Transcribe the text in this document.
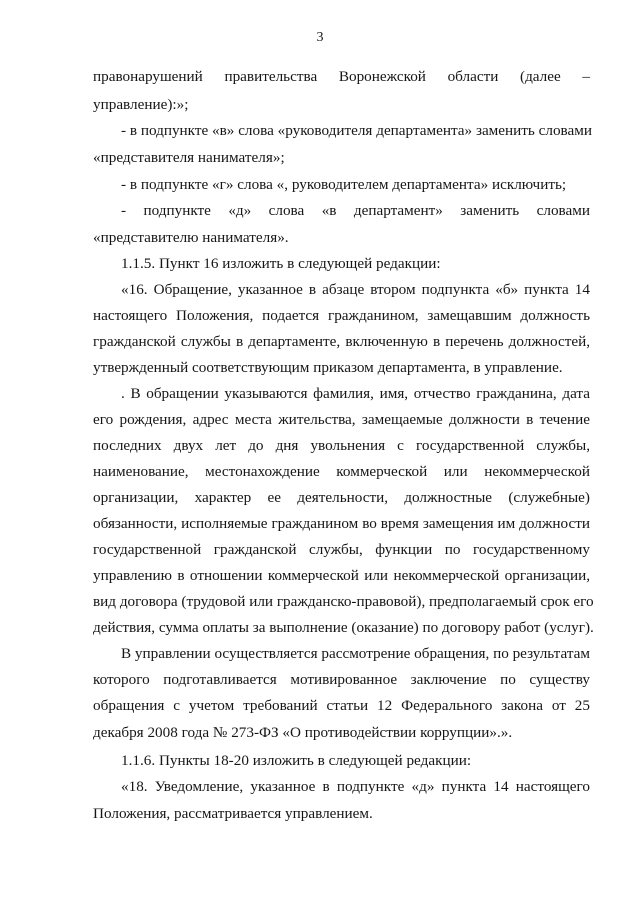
3
правонарушений правительства Воронежской области (далее –
управление):»;
- в подпункте «в» слова «руководителя департамента» заменить словами
«представителя нанимателя»;
- в подпункте «г» слова «, руководителем департамента» исключить;
- подпункте «д» слова «в департамент» заменить словами
«представителю нанимателя».
1.1.5. Пункт 16 изложить в следующей редакции:
«16. Обращение, указанное в абзаце втором подпункта «б» пункта 14
настоящего Положения, подается гражданином, замещавшим должность
гражданской службы в департаменте, включенную в перечень должностей,
утвержденный соответствующим приказом департамента, в управление.
. В обращении указываются фамилия, имя, отчество гражданина, дата
его рождения, адрес места жительства, замещаемые должности в течение
последних двух лет до дня увольнения с государственной службы,
наименование, местонахождение коммерческой или некоммерческой
организации, характер ее деятельности, должностные (служебные)
обязанности, исполняемые гражданином во время замещения им должности
государственной гражданской службы, функции по государственному
управлению в отношении коммерческой или некоммерческой организации,
вид договора (трудовой или гражданско-правовой), предполагаемый срок его
действия, сумма оплаты за выполнение (оказание) по договору работ (услуг).
В управлении осуществляется рассмотрение обращения, по результатам
которого подготавливается мотивированное заключение по существу
обращения с учетом требований статьи 12 Федерального закона от 25
декабря 2008 года № 273-ФЗ «О противодействии коррупции».».
1.1.6. Пункты 18-20 изложить в следующей редакции:
«18. Уведомление, указанное в подпункте «д» пункта 14 настоящего
Положения, рассматривается управлением.
